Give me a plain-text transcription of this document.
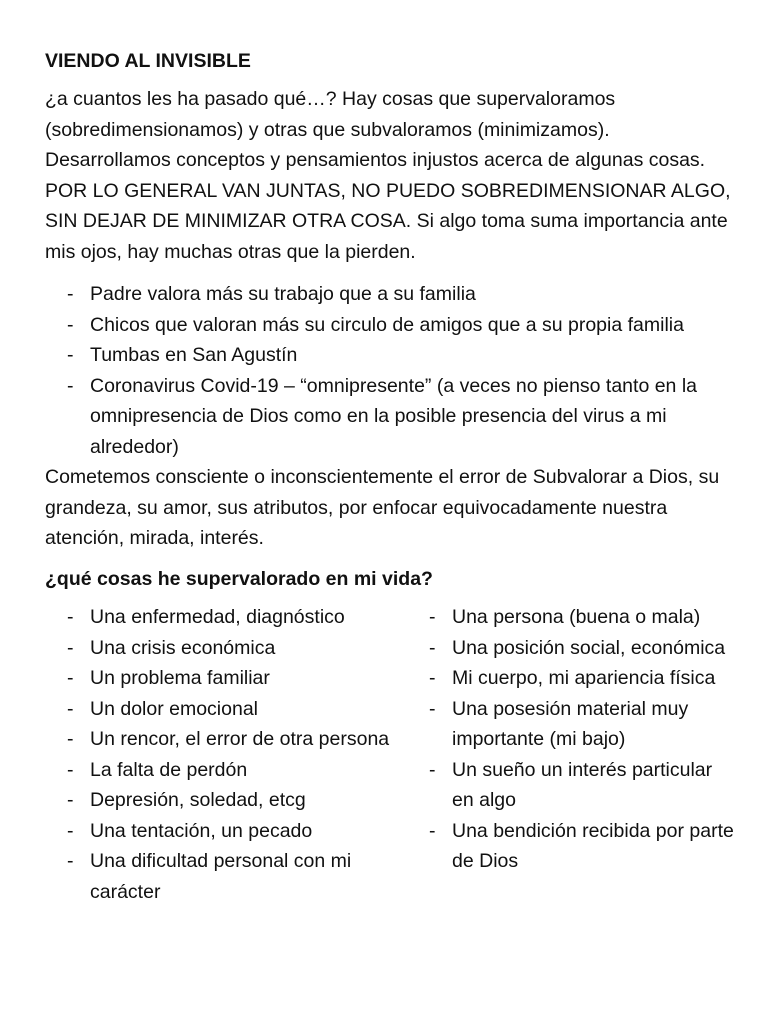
VIENDO AL INVISIBLE

¿a cuantos les ha pasado qué…? Hay cosas que supervaloramos (sobredimensionamos) y otras que subvaloramos (minimizamos). Desarrollamos conceptos y pensamientos injustos acerca de algunas cosas. POR LO GENERAL VAN JUNTAS, NO PUEDO SOBREDIMENSIONAR ALGO, SIN DEJAR DE MINIMIZAR OTRA COSA. Si algo toma suma importancia ante mis ojos, hay muchas otras que la pierden.

- Padre valora más su trabajo que a su familia
- Chicos que valoran más su circulo de amigos que a su propia familia
- Tumbas en San Agustín
- Coronavirus Covid-19 – “omnipresente” (a veces no pienso tanto en la omnipresencia de Dios como en la posible presencia del virus a mi alrededor)

Cometemos consciente o inconscientemente el error de Subvalorar a Dios, su grandeza, su amor, sus atributos, por enfocar equivocadamente nuestra atención, mirada, interés.

¿qué cosas he supervalorado en mi vida?
- Una enfermedad, diagnóstico
- Una crisis económica
- Un problema familiar
- Un dolor emocional
- Un rencor, el error de otra persona
- La falta de perdón
- Depresión, soledad, etcg
- Una tentación, un pecado
- Una dificultad personal con mi carácter
- Una persona (buena o mala)
- Una posición social, económica
- Mi cuerpo, mi apariencia física
- Una posesión material muy importante (mi bajo)
- Un sueño un interés particular en algo
- Una bendición recibida por parte de Dios
